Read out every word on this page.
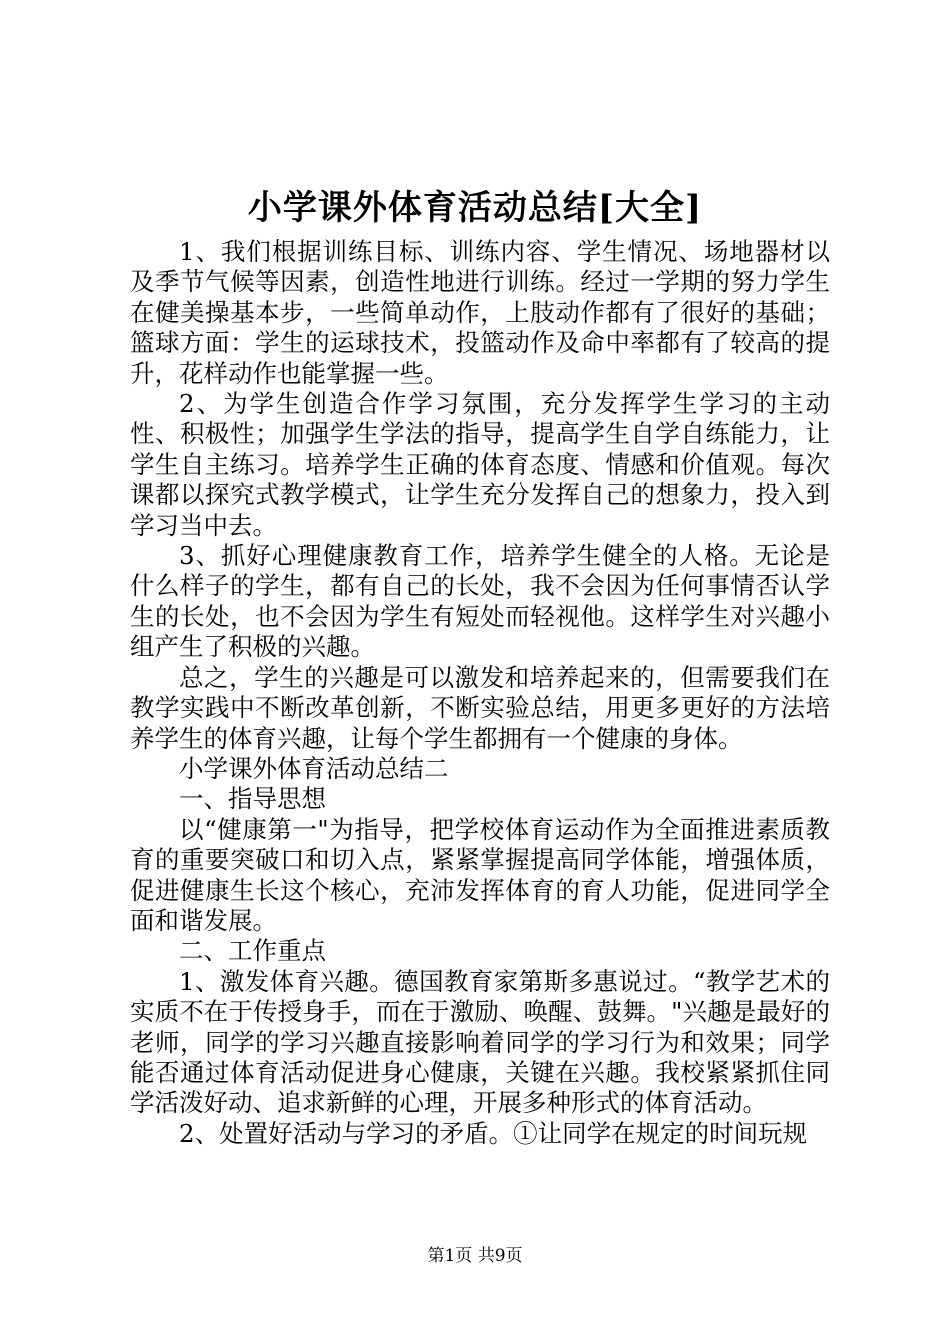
小学课外体育活动总结[大全]

1、我们根据训练目标、训练内容、学生情况、场地器材以及季节气候等因素，创造性地进行训练。经过一学期的努力学生在健美操基本步，一些简单动作，上肢动作都有了很好的基础；篮球方面：学生的运球技术，投篮动作及命中率都有了较高的提升，花样动作也能掌握一些。

2、为学生创造合作学习氛围，充分发挥学生学习的主动性、积极性；加强学生学法的指导，提高学生自学自练能力，让学生自主练习。培养学生正确的体育态度、情感和价值观。每次课都以探究式教学模式，让学生充分发挥自己的想象力，投入到学习当中去。

3、抓好心理健康教育工作，培养学生健全的人格。无论是什么样子的学生，都有自己的长处，我不会因为任何事情否认学生的长处，也不会因为学生有短处而轻视他。这样学生对兴趣小组产生了积极的兴趣。

总之，学生的兴趣是可以激发和培养起来的，但需要我们在教学实践中不断改革创新，不断实验总结，用更多更好的方法培养学生的体育兴趣，让每个学生都拥有一个健康的身体。

小学课外体育活动总结二

一、指导思想

以“健康第一"为指导，把学校体育运动作为全面推进素质教育的重要突破口和切入点，紧紧掌握提高同学体能，增强体质，促进健康生长这个核心，充沛发挥体育的育人功能，促进同学全面和谐发展。

二、工作重点

1、激发体育兴趣。德国教育家第斯多惠说过。“教学艺术的实质不在于传授身手，而在于激励、唤醒、鼓舞。"兴趣是最好的老师，同学的学习兴趣直接影响着同学的学习行为和效果；同学能否通过体育活动促进身心健康，关键在兴趣。我校紧紧抓住同学活泼好动、追求新鲜的心理，开展多种形式的体育活动。

2、处置好活动与学习的矛盾。①让同学在规定的时间玩规

第1页 共9页
